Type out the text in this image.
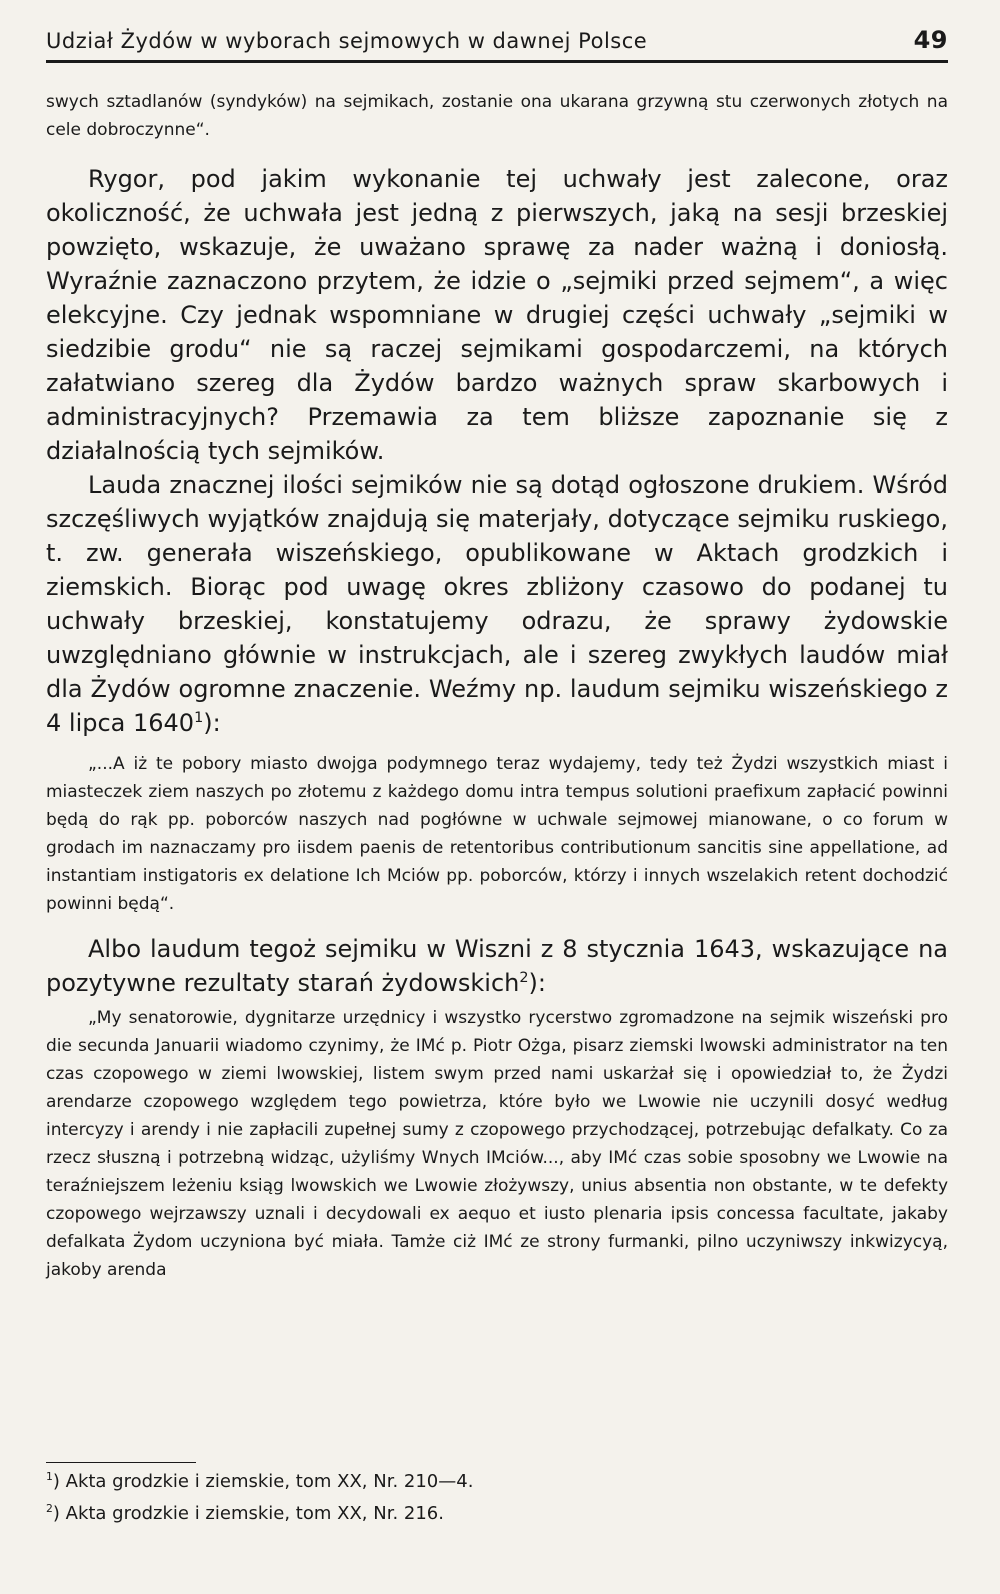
Udział Żydów w wyborach sejmowych w dawnej Polsce	49

swych sztadlanów (syndyków) na sejmikach, zostanie ona ukarana grzywną stu czerwonych złotych na cele dobroczynne“.

Rygor, pod jakim wykonanie tej uchwały jest zalecone, oraz okoliczność, że uchwała jest jedną z pierwszych, jaką na sesji brzeskiej powzięto, wskazuje, że uważano sprawę za nader ważną i doniosłą. Wyraźnie zaznaczono przytem, że idzie o „sejmiki przed sejmem“, a więc elekcyjne. Czy jednak wspomniane w drugiej części uchwały „sejmiki w siedzibie grodu“ nie są raczej sejmikami gospodarczemi, na których załatwiano szereg dla Żydów bardzo ważnych spraw skarbowych i administracyjnych? Przemawia za tem bliższe zapoznanie się z działalnością tych sejmików.

Lauda znacznej ilości sejmików nie są dotąd ogłoszone drukiem. Wśród szczęśliwych wyjątków znajdują się materjały, dotyczące sejmiku ruskiego, t. zw. generała wiszeńskiego, opublikowane w Aktach grodzkich i ziemskich. Biorąc pod uwagę okres zbliżony czasowo do podanej tu uchwały brzeskiej, konstatujemy odrazu, że sprawy żydowskie uwzględniano głównie w instrukcjach, ale i szereg zwykłych laudów miał dla Żydów ogromne znaczenie. Weźmy np. laudum sejmiku wiszeńskiego z 4 lipca 1640$^1$):

„...A iż te pobory miasto dwojga podymnego teraz wydajemy, tedy też Żydzi wszystkich miast i miasteczek ziem naszych po złotemu z każdego domu intra tempus solutioni praefixum zapłacić powinni będą do rąk pp. poborców naszych nad pogłówne w uchwale sejmowej mianowane, o co forum w grodach im naznaczamy pro iisdem paenis de retentoribus contributionum sancitis sine appellatione, ad instantiam instigatoris ex delatione Ich Mciów pp. poborców, którzy i innych wszelakich retent dochodzić powinni będą“.

Albo laudum tegoż sejmiku w Wiszni z 8 stycznia 1643, wskazujące na pozytywne rezultaty starań żydowskich$^2$):

„My senatorowie, dygnitarze urzędnicy i wszystko rycerstwo zgromadzone na sejmik wiszeński pro die secunda Januarii wiadomo czynimy, że IMć p. Piotr Ożga, pisarz ziemski lwowski administrator na ten czas czopowego w ziemi lwowskiej, listem swym przed nami uskarżał się i opowiedział to, że Żydzi arendarze czopowego względem tego powietrza, które było we Lwowie nie uczynili dosyć według intercyzy i arendy i nie zapłacili zupełnej sumy z czopowego przychodzącej, potrzebując defalkaty. Co za rzecz słuszną i potrzebną widząc, użyliśmy Wnych IMciów..., aby IMć czas sobie sposobny we Lwowie na teraźniejszem leżeniu ksiąg lwowskich we Lwowie złożywszy, unius absentia non obstante, w te defekty czopowego wejrzawszy uznali i decydowali ex aequo et iusto plenaria ipsis concessa facultate, jakaby defalkata Żydom uczyniona być miała. Tamże ciż IMć ze strony furmanki, pilno uczyniwszy inkwizycyą, jakoby arenda

$^1$) Akta grodzkie i ziemskie, tom XX, Nr. 210—4.
$^2$) Akta grodzkie i ziemskie, tom XX, Nr. 216.
